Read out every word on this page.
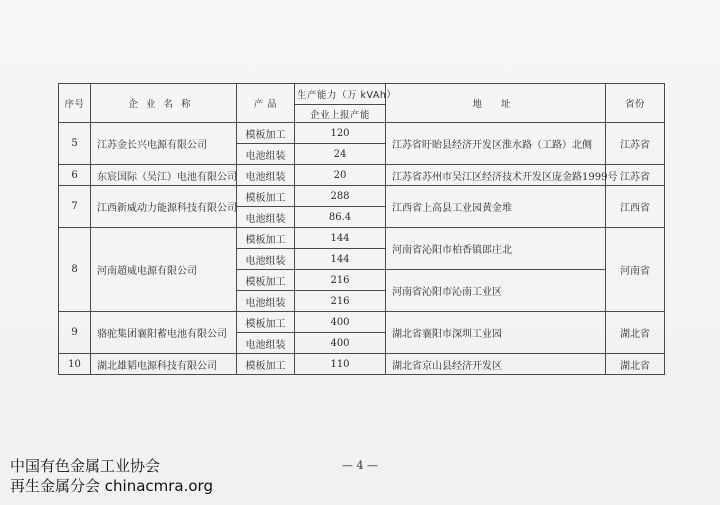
序号	企业名称	产 品	生产能力（万 kVAh）	地 址	省份
			企业上报产能		
5	江苏金长兴电源有限公司	模板加工	120	江苏省盱眙县经济开发区淮水路（工路）北侧	江苏省
		电池组装	24		
6	东宸国际（吴江）电池有限公司	电池组装	20	江苏省苏州市吴江区经济技术开发区庞金路1999号	江苏省
7	江西新威动力能源科技有限公司	模板加工	288	江西省上高县工业园黄金堆	江西省
		电池组装	86.4		
8	河南超威电源有限公司	模板加工	144	河南省沁阳市柏香镇郎庄北	河南省
		电池组装	144		
		模板加工	216	河南省沁阳市沁南工业区	
		电池组装	216		
9	骆驼集团襄阳蓄电池有限公司	模板加工	400	湖北省襄阳市深圳工业园	湖北省
		电池组装	400		
10	湖北雄韬电源科技有限公司	模板加工	110	湖北省京山县经济开发区	湖北省
— 4 —
中国有色金属工业协会
再生金属分会 chinacmra.org
